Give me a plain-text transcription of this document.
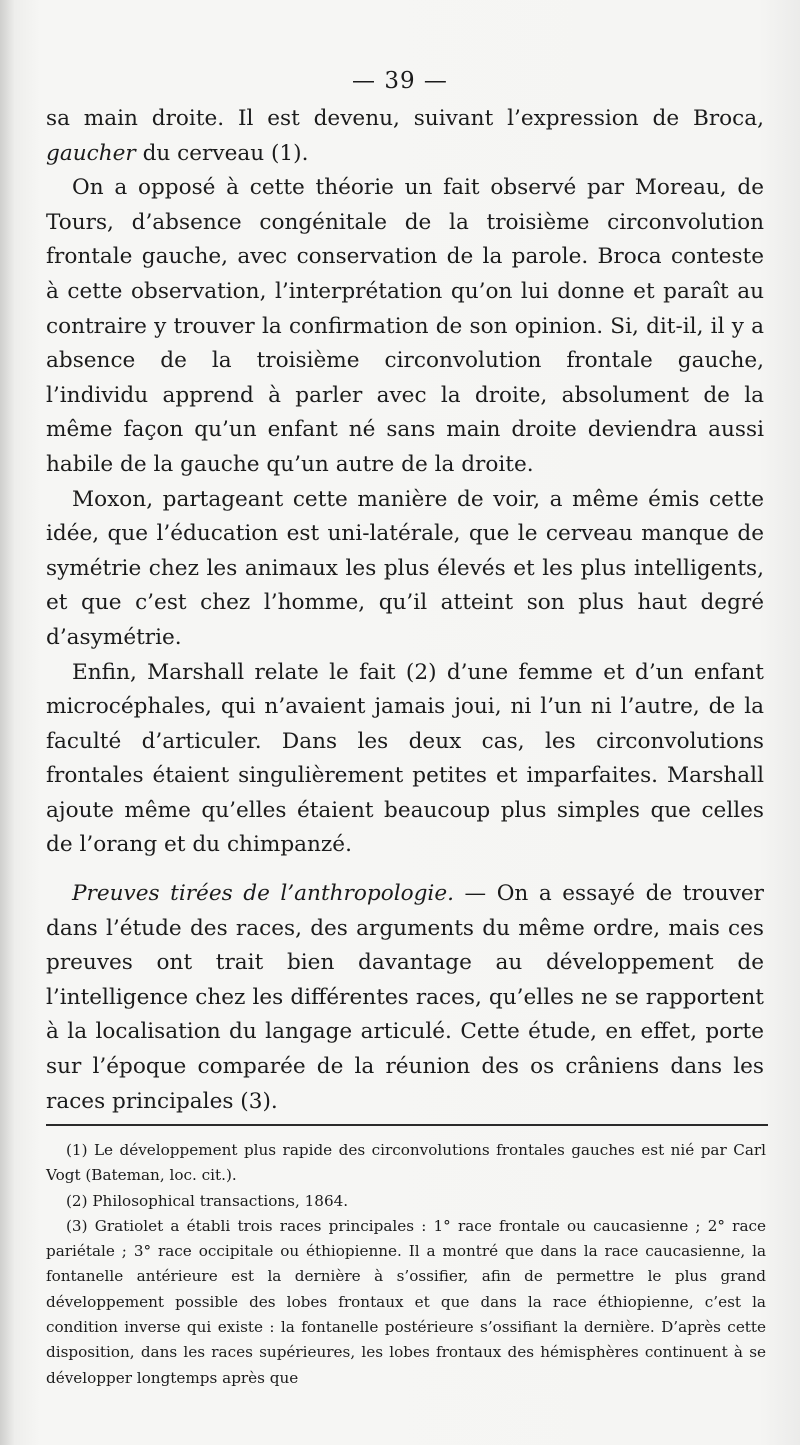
— 39 —

sa main droite. Il est devenu, suivant l’expression de Broca, gaucher du cerveau (1).

On a opposé à cette théorie un fait observé par Moreau, de Tours, d’absence congénitale de la troisième circonvolution frontale gauche, avec conservation de la parole. Broca conteste à cette observation, l’interprétation qu’on lui donne et paraît au contraire y trouver la confirmation de son opinion. Si, dit-il, il y a absence de la troisième circonvolution frontale gauche, l’individu apprend à parler avec la droite, absolument de la même façon qu’un enfant né sans main droite deviendra aussi habile de la gauche qu’un autre de la droite.

Moxon, partageant cette manière de voir, a même émis cette idée, que l’éducation est uni-latérale, que le cerveau manque de symétrie chez les animaux les plus élevés et les plus intelligents, et que c’est chez l’homme, qu’il atteint son plus haut degré d’asymétrie.

Enfin, Marshall relate le fait (2) d’une femme et d’un enfant microcéphales, qui n’avaient jamais joui, ni l’un ni l’autre, de la faculté d’articuler. Dans les deux cas, les circonvolutions frontales étaient singulièrement petites et imparfaites. Marshall ajoute même qu’elles étaient beaucoup plus simples que celles de l’orang et du chimpanzé.

Preuves tirées de l’anthropologie. — On a essayé de trouver dans l’étude des races, des arguments du même ordre, mais ces preuves ont trait bien davantage au développement de l’intelligence chez les différentes races, qu’elles ne se rapportent à la localisation du langage articulé. Cette étude, en effet, porte sur l’époque comparée de la réunion des os crâniens dans les races principales (3).

(1) Le développement plus rapide des circonvolutions frontales gauches est nié par Carl Vogt (Bateman, loc. cit.).

(2) Philosophical transactions, 1864.

(3) Gratiolet a établi trois races principales : 1° race frontale ou caucasienne ; 2° race pariétale ; 3° race occipitale ou éthiopienne. Il a montré que dans la race caucasienne, la fontanelle antérieure est la dernière à s’ossifier, afin de permettre le plus grand développement possible des lobes frontaux et que dans la race éthiopienne, c’est la condition inverse qui existe : la fontanelle postérieure s’ossifiant la dernière. D’après cette disposition, dans les races supérieures, les lobes frontaux des hémisphères continuent à se développer longtemps après que
